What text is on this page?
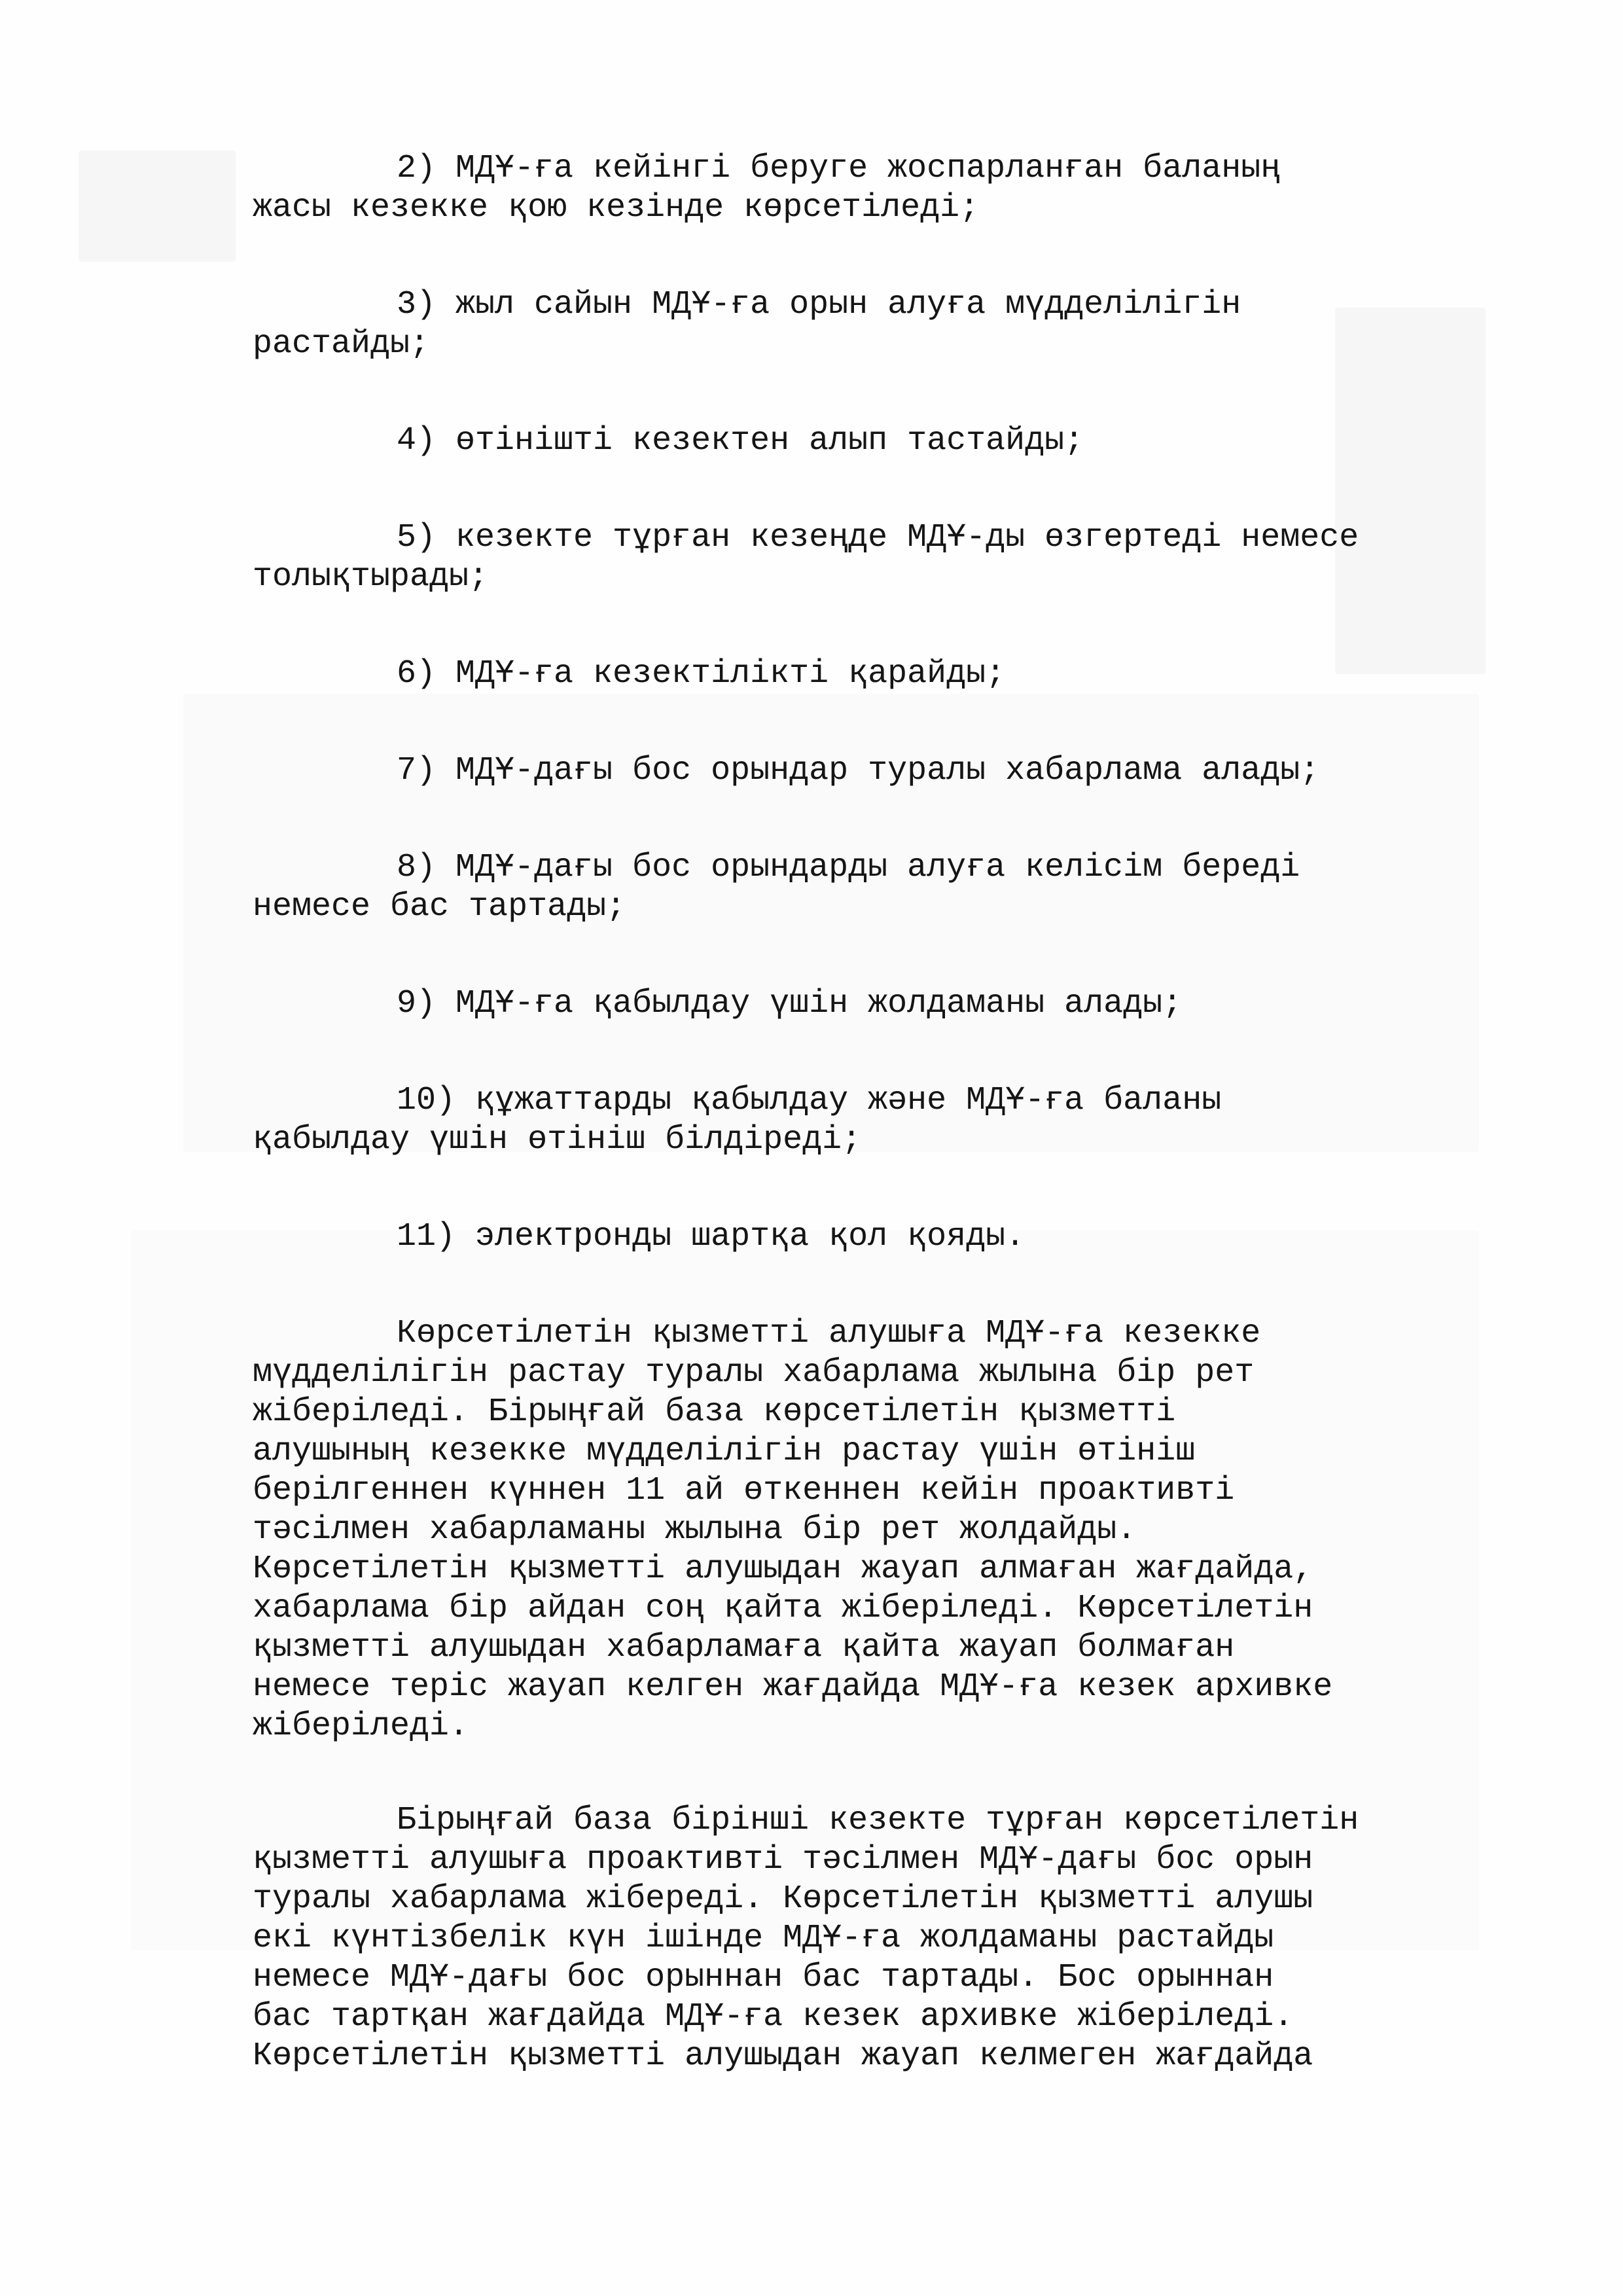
2) МДҰ-ға кейінгі беруге жоспарланған баланың
жасы кезекке қою кезінде көрсетіледі;
3) жыл сайын МДҰ-ға орын алуға мүдделілігін
растайды;
4) өтінішті кезектен алып тастайды;
5) кезекте тұрған кезеңде МДҰ-ды өзгертеді немесе
толықтырады;
6) МДҰ-ға кезектілікті қарайды;
7) МДҰ-дағы бос орындар туралы хабарлама алады;
8) МДҰ-дағы бос орындарды алуға келісім береді
немесе бас тартады;
9) МДҰ-ға қабылдау үшін жолдаманы алады;
10) құжаттарды қабылдау және МДҰ-ға баланы
қабылдау үшін өтініш білдіреді;
11) электронды шартқа қол қояды.
Көрсетілетін қызметті алушыға МДҰ-ға кезекке
мүдделілігін растау туралы хабарлама жылына бір рет
жіберіледі. Бірыңғай база көрсетілетін қызметті
алушының кезекке мүдделілігін растау үшін өтініш
берілгеннен күннен 11 ай өткеннен кейін проактивті
тәсілмен хабарламаны жылына бір рет жолдайды.
Көрсетілетін қызметті алушыдан жауап алмаған жағдайда,
хабарлама бір айдан соң қайта жіберіледі. Көрсетілетін
қызметті алушыдан хабарламаға қайта жауап болмаған
немесе теріс жауап келген жағдайда МДҰ-ға кезек архивке
жіберіледі.
Бірыңғай база бірінші кезекте тұрған көрсетілетін
қызметті алушыға проактивті тәсілмен МДҰ-дағы бос орын
туралы хабарлама жібереді. Көрсетілетін қызметті алушы
екі күнтізбелік күн ішінде МДҰ-ға жолдаманы растайды
немесе МДҰ-дағы бос орыннан бас тартады. Бос орыннан
бас тартқан жағдайда МДҰ-ға кезек архивке жіберіледі.
Көрсетілетін қызметті алушыдан жауап келмеген жағдайда
